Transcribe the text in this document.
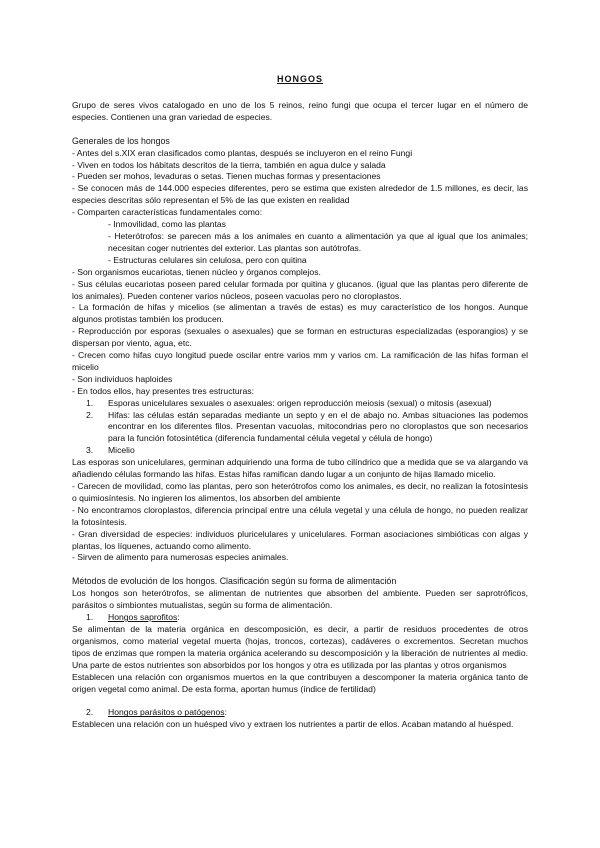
HONGOS

Grupo de seres vivos catalogado en uno de los 5 reinos, reino fungi que ocupa el tercer lugar en el número de especies. Contienen una gran variedad de especies.

Generales de los hongos

- Antes del s.XIX eran clasificados como plantas, después se incluyeron en el reino Fungi

- Viven en todos los hábitats descritos de la tierra, también en agua dulce y salada

- Pueden ser mohos, levaduras o setas. Tienen muchas formas y presentaciones

- Se conocen más de 144.000 especies diferentes, pero se estima que existen alrededor de 1.5 millones, es decir, las especies descritas sólo representan el 5% de las que existen en realidad

- Comparten características fundamentales como:

- Inmovilidad, como las plantas

- Heterótrofos: se parecen más a los animales en cuanto a alimentación ya que al igual que los animales; necesitan coger nutrientes del exterior. Las plantas son autótrofas.

- Estructuras celulares sin celulosa, pero con quitina

- Son organismos eucariotas, tienen núcleo y órganos complejos.

- Sus células eucariotas poseen pared celular formada por quitina y glucanos. (igual que las plantas pero diferente de los animales). Pueden contener varios núcleos, poseen vacuolas pero no cloroplastos.

- La formación de hifas y micelios (se alimentan a través de estas) es muy característico de los hongos. Aunque algunos protistas también los producen.

- Reproducción por esporas (sexuales o asexuales) que se forman en estructuras especializadas (esporangios) y se dispersan por viento, agua, etc.

- Crecen como hifas cuyo longitud puede oscilar entre varios mm y varios cm. La ramificación de las hifas forman el micelio

- Son individuos haploides

- En todos ellos, hay presentes tres estructuras:

1.	Esporas unicelulares sexuales o asexuales: origen reproducción meiosis (sexual) o mitosis (asexual)
2.	Hifas: las células están separadas mediante un septo y en el de abajo no. Ambas situaciones las podemos encontrar en los diferentes filos. Presentan vacuolas, mitocondrias pero no cloroplastos que son necesarios para la función fotosintética (diferencia fundamental célula vegetal y célula de hongo)
3.	Micelio

Las esporas son unicelulares, germinan adquiriendo una forma de tubo cilíndrico que a medida que se va alargando va añadiendo células formando las hifas. Estas hifas ramifican dando lugar a un conjunto de hijas llamado micelio.

- Carecen de movilidad, como las plantas, pero son heterótrofos como los animales, es decir, no realizan la fotosíntesis o quimiosíntesis. No ingieren los alimentos, los absorben del ambiente

- No encontramos cloroplastos, diferencia principal entre una célula vegetal y una célula de hongo, no pueden realizar la fotosíntesis.

- Gran diversidad de especies: individuos pluricelulares y unicelulares. Forman asociaciones simbióticas con algas y plantas, los líquenes, actuando como alimento.

- Sirven de alimento para numerosas especies animales.

Métodos de evolución de los hongos. Clasificación según su forma de alimentación

Los hongos son heterótrofos, se alimentan de nutrientes que absorben del ambiente. Pueden ser saprotróficos, parásitos o simbiontes mutualistas, según su forma de alimentación.

1.	Hongos saprofitos:

Se alimentan de la materia orgánica en descomposición, es decir, a partir de residuos procedentes de otros organismos, como material vegetal muerta (hojas, troncos, cortezas), cadáveres o excrementos. Secretan muchos tipos de enzimas que rompen la materia orgánica acelerando su descomposición y la liberación de nutrientes al medio. Una parte de estos nutrientes son absorbidos por los hongos y otra es utilizada por las plantas y otros organismos

Establecen una relación con organismos muertos en la que contribuyen a descomponer la materia orgánica tanto de origen vegetal como animal. De esta forma, aportan humus (índice de fertilidad)

2.	Hongos parásitos o patógenos:

Establecen una relación con un huésped vivo y extraen los nutrientes a partir de ellos. Acaban matando al huésped.
